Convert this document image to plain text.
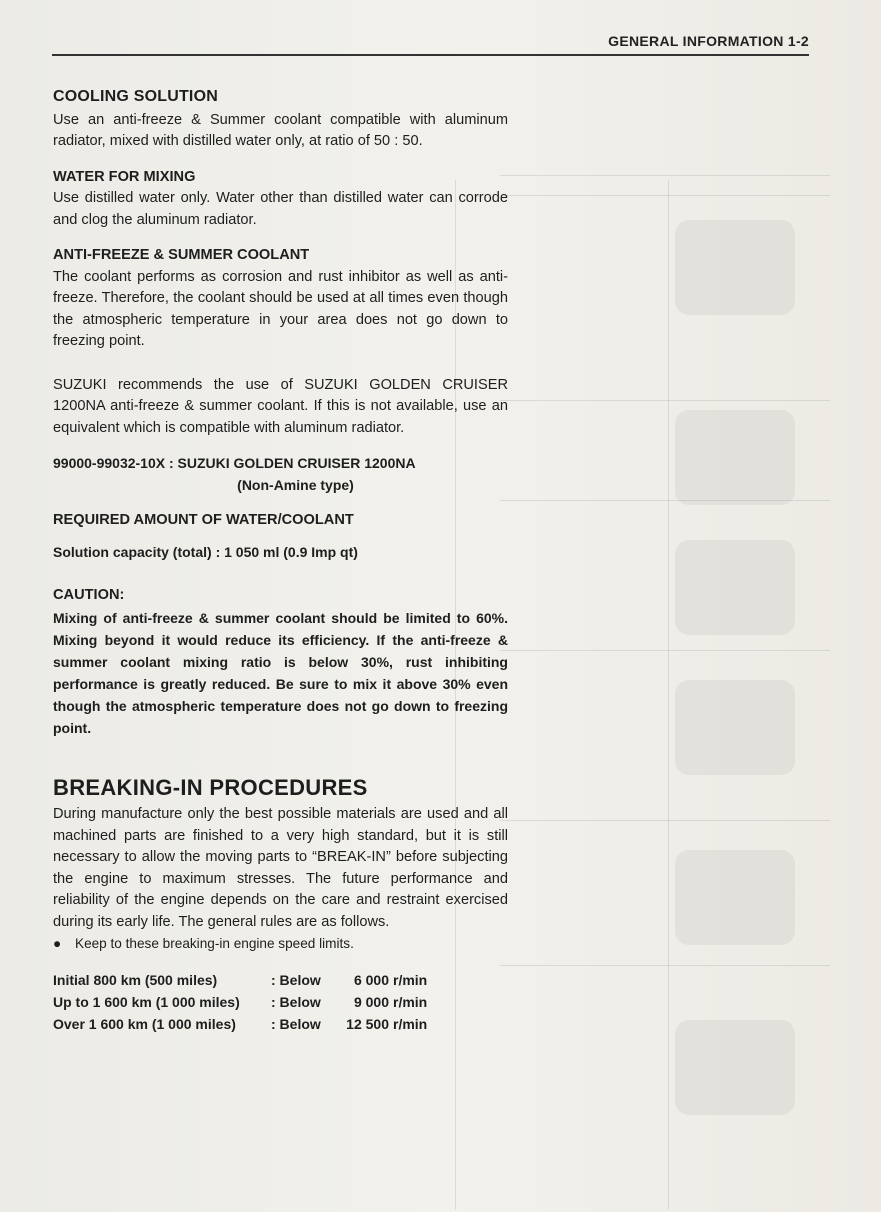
GENERAL INFORMATION 1-2
COOLING SOLUTION

Use an anti-freeze & Summer coolant compatible with aluminum radiator, mixed with distilled water only, at ratio of 50 : 50.

WATER FOR MIXING

Use distilled water only. Water other than distilled water can corrode and clog the aluminum radiator.

ANTI-FREEZE & SUMMER COOLANT

The coolant performs as corrosion and rust inhibitor as well as anti-freeze. Therefore, the coolant should be used at all times even though the atmospheric temperature in your area does not go down to freezing point.

SUZUKI recommends the use of SUZUKI GOLDEN CRUISER 1200NA anti-freeze & summer coolant. If this is not available, use an equivalent which is compatible with aluminum radiator.

99000-99032-10X : SUZUKI GOLDEN CRUISER 1200NA

(Non-Amine type)

REQUIRED AMOUNT OF WATER/COOLANT

Solution capacity (total) : 1 050 ml (0.9 Imp qt)

CAUTION:

Mixing of anti-freeze & summer coolant should be limited to 60%. Mixing beyond it would reduce its efficiency. If the anti-freeze & summer coolant mixing ratio is below 30%, rust inhibiting performance is greatly reduced. Be sure to mix it above 30% even though the atmospheric temperature does not go down to freezing point.

BREAKING-IN PROCEDURES

During manufacture only the best possible materials are used and all machined parts are finished to a very high standard, but it is still necessary to allow the moving parts to “BREAK-IN” before subjecting the engine to maximum stresses. The future performance and reliability of the engine depends on the care and restraint exercised during its early life. The general rules are as follows.

●	Keep to these breaking-in engine speed limits.
Initial 800 km (500 miles)	: Below	6 000	r/min
Up to 1 600 km (1 000 miles)	: Below	9 000	r/min
Over 1 600 km (1 000 miles)	: Below	12 500	r/min
